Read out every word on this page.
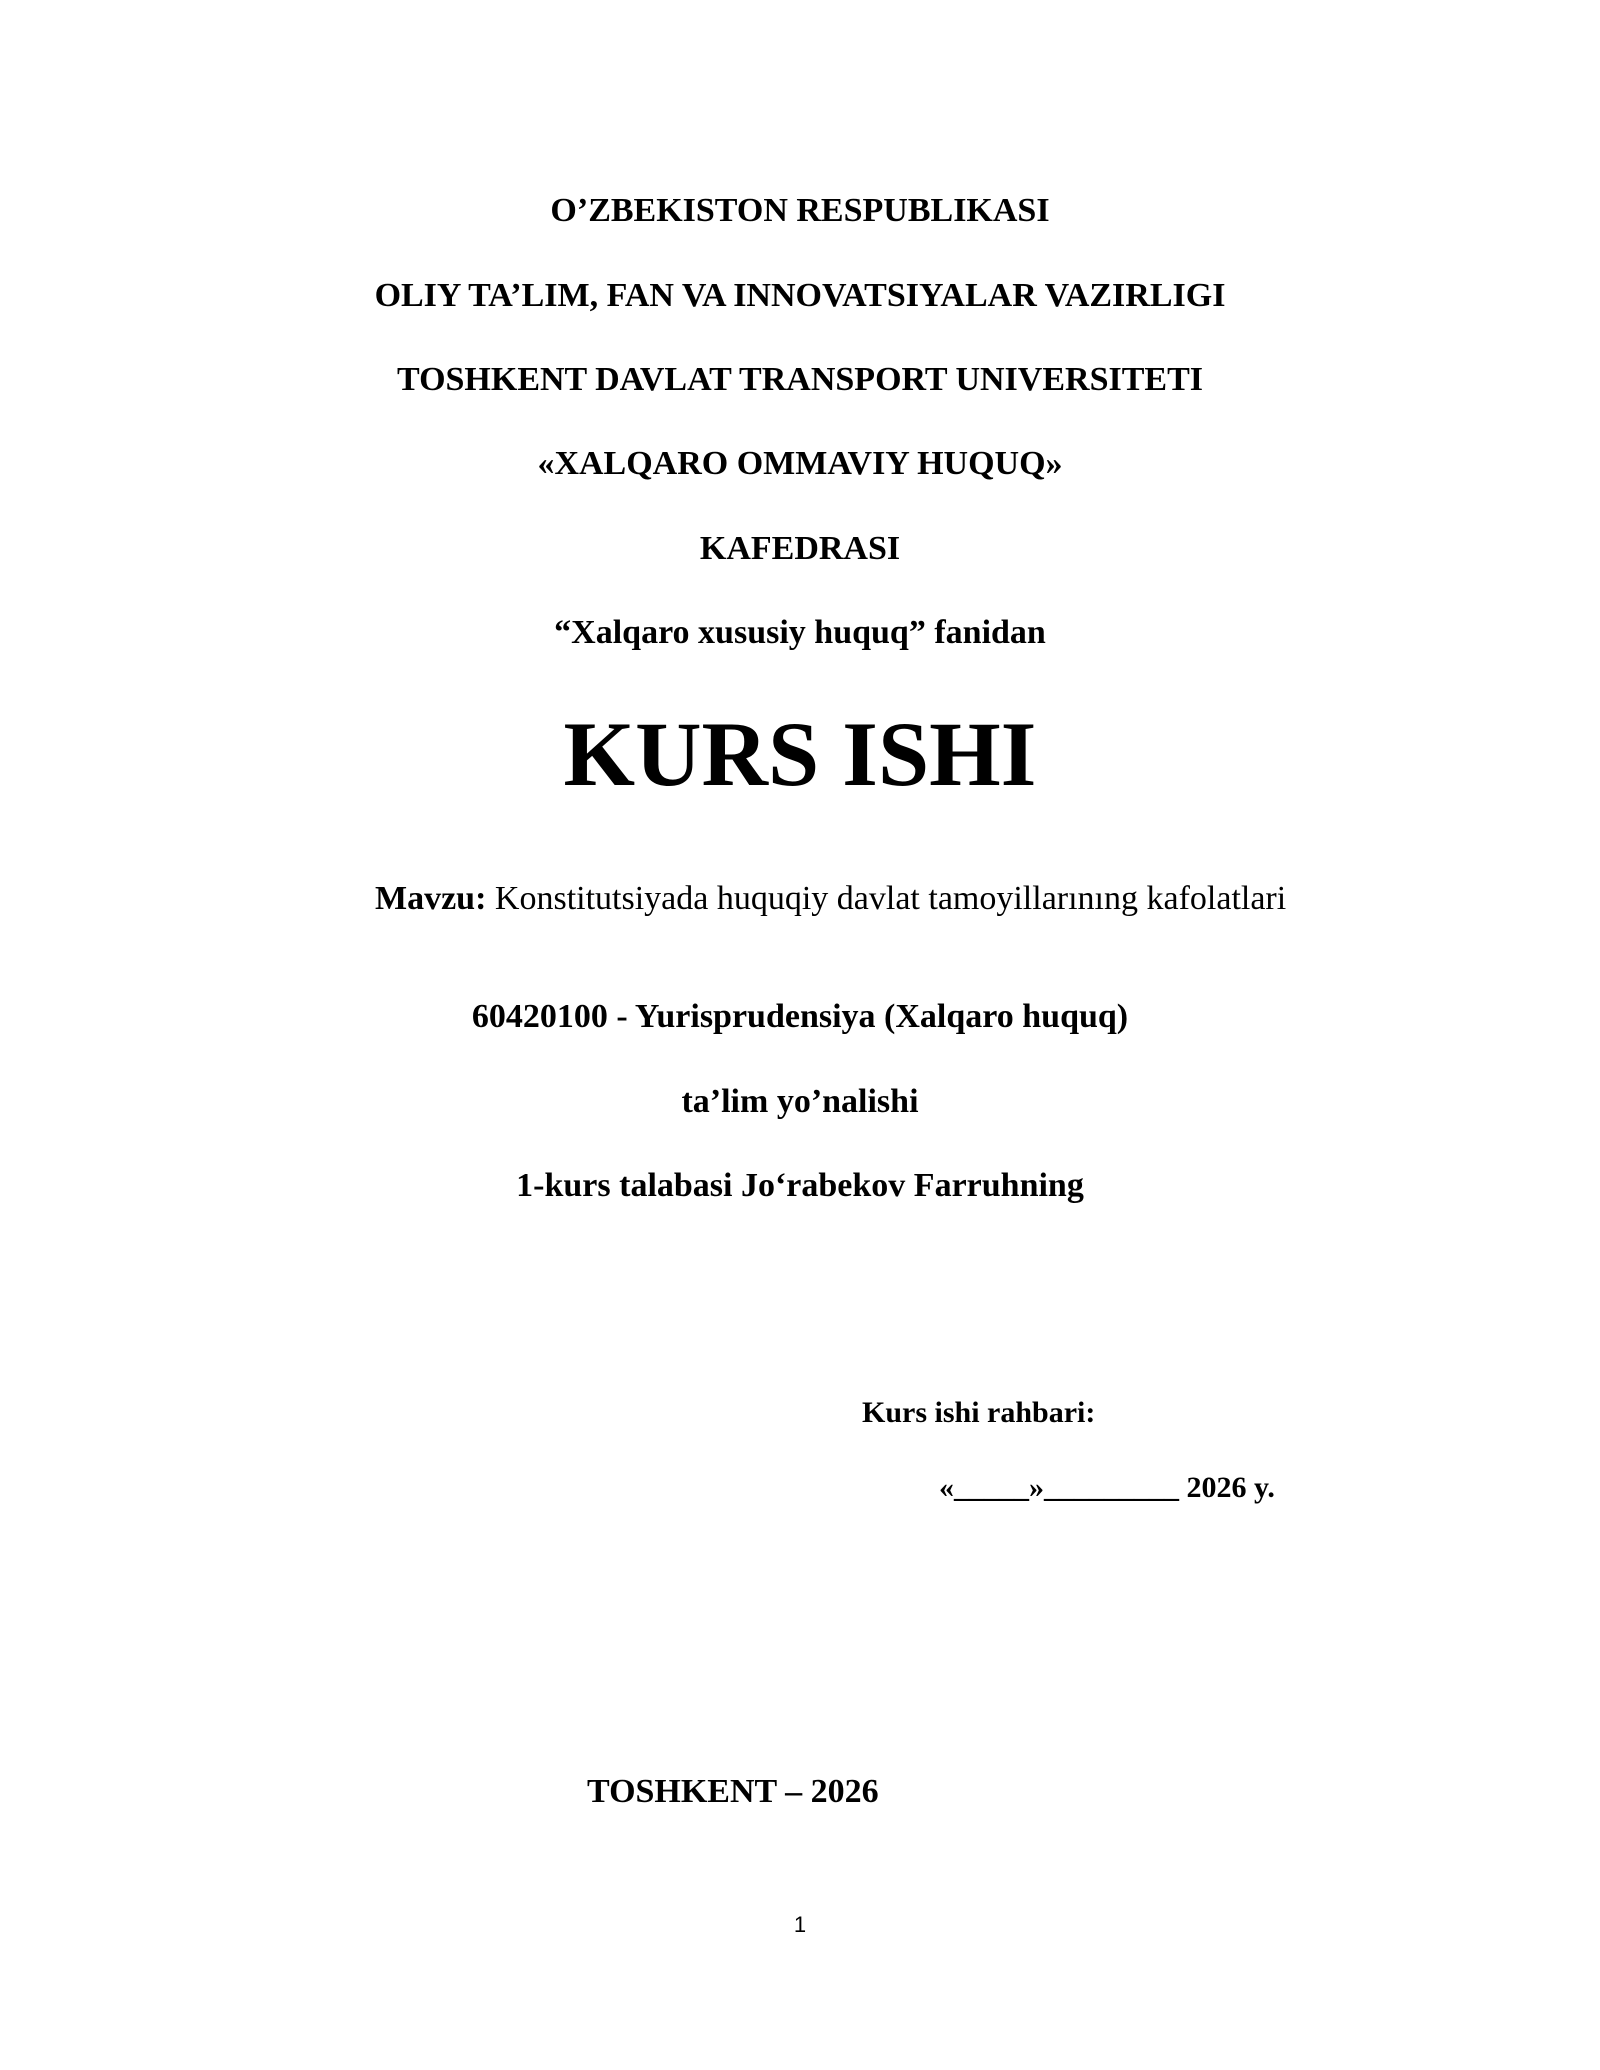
O’ZBEKISTON RESPUBLIKASI
OLIY TA’LIM, FAN VA INNOVATSIYALAR VAZIRLIGI
TOSHKENT DAVLAT TRANSPORT UNIVERSITETI
«XALQARO OMMAVIY HUQUQ»
KAFEDRASI
“Xalqaro xususiy huquq” fanidan
KURS ISHI
Mavzu: Konstitutsiyada huquqiy davlat tamoyillarınıng kafolatlari
60420100 - Yurisprudensiya (Xalqaro huquq)
ta’lim yo’nalishi
1-kurs talabasi Jo‘rabekov Farruhning
Kurs ishi rahbari:
«_____»_________ 2026 y.
TOSHKENT – 2026
1
